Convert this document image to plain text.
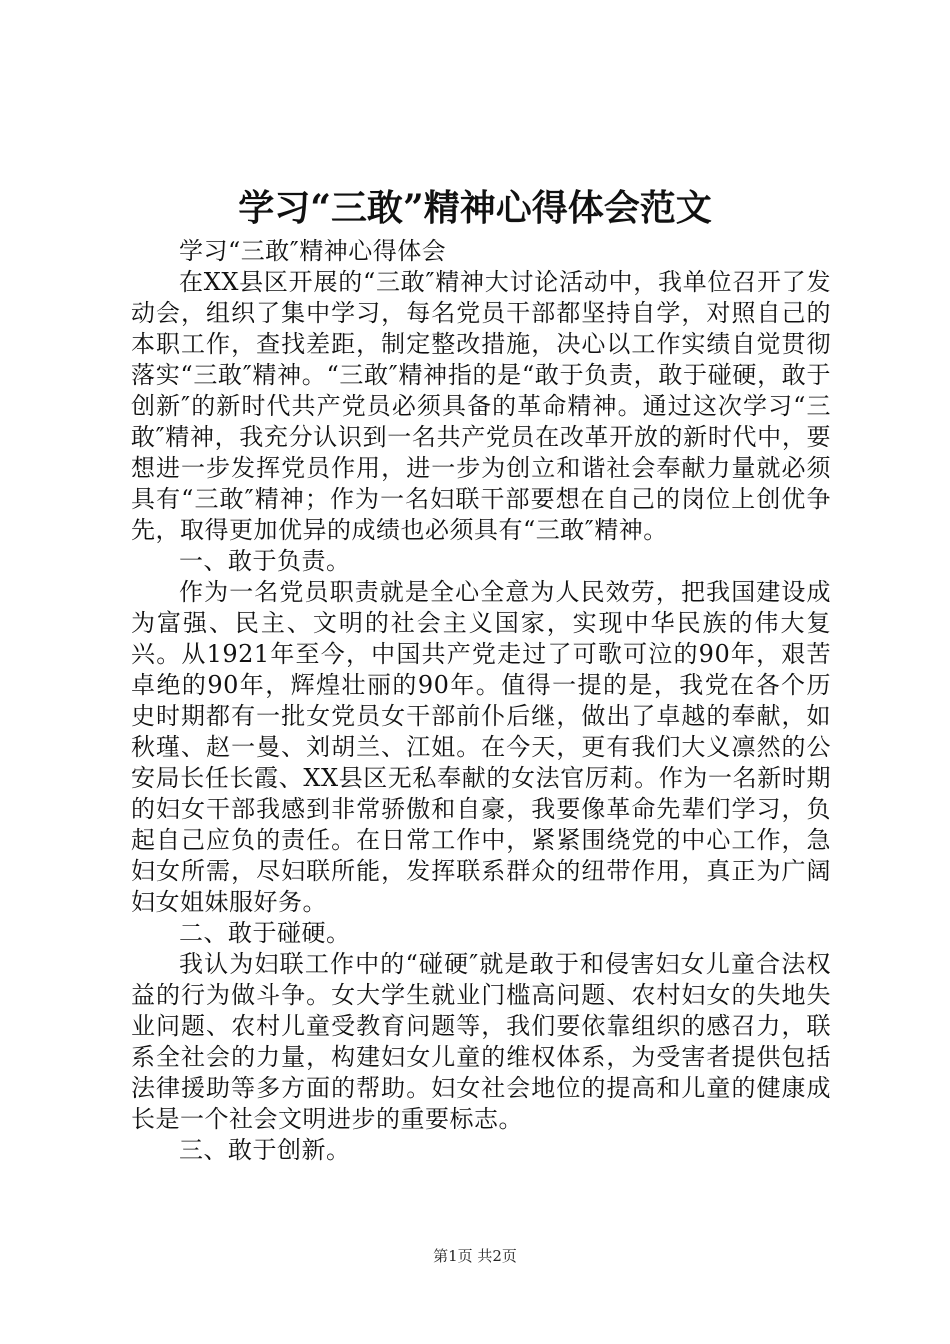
学习“三敢”精神心得体会范文

学习“三敢″精神心得体会

在XX县区开展的“三敢″精神大讨论活动中，我单位召开了发动会，组织了集中学习，每名党员干部都坚持自学，对照自己的本职工作，查找差距，制定整改措施，决心以工作实绩自觉贯彻落实“三敢″精神。“三敢″精神指的是“敢于负责，敢于碰硬，敢于创新″的新时代共产党员必须具备的革命精神。通过这次学习“三敢″精神，我充分认识到一名共产党员在改革开放的新时代中，要想进一步发挥党员作用，进一步为创立和谐社会奉献力量就必须具有“三敢″精神；作为一名妇联干部要想在自己的岗位上创优争先，取得更加优异的成绩也必须具有“三敢″精神。

一、敢于负责。

作为一名党员职责就是全心全意为人民效劳，把我国建设成为富强、民主、文明的社会主义国家，实现中华民族的伟大复兴。从1921年至今，中国共产党走过了可歌可泣的90年，艰苦卓绝的90年，辉煌壮丽的90年。值得一提的是，我党在各个历史时期都有一批女党员女干部前仆后继，做出了卓越的奉献，如秋瑾、赵一曼、刘胡兰、江姐。在今天，更有我们大义凛然的公安局长任长霞、XX县区无私奉献的女法官厉莉。作为一名新时期的妇女干部我感到非常骄傲和自豪，我要像革命先辈们学习，负起自己应负的责任。在日常工作中，紧紧围绕党的中心工作，急妇女所需，尽妇联所能，发挥联系群众的纽带作用，真正为广阔妇女姐妹服好务。

二、敢于碰硬。

我认为妇联工作中的“碰硬″就是敢于和侵害妇女儿童合法权益的行为做斗争。女大学生就业门槛高问题、农村妇女的失地失业问题、农村儿童受教育问题等，我们要依靠组织的感召力，联系全社会的力量，构建妇女儿童的维权体系，为受害者提供包括法律援助等多方面的帮助。妇女社会地位的提高和儿童的健康成长是一个社会文明进步的重要标志。

三、敢于创新。

第1页 共2页
